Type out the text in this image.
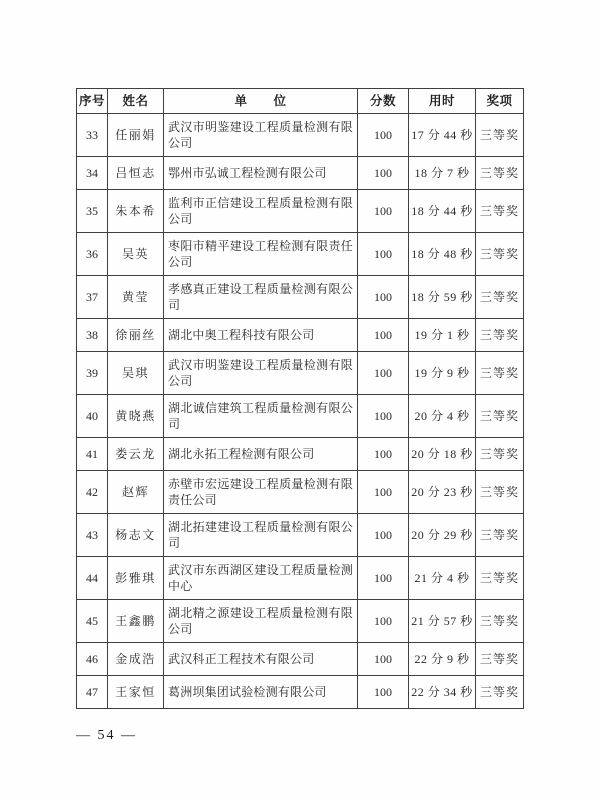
序号	姓名	单　　位	分数	用时	奖项
33	任丽娟	武汉市明鉴建设工程质量检测有限公司	100	17 分 44 秒	三等奖
34	吕恒志	鄂州市弘诚工程检测有限公司	100	18 分 7 秒	三等奖
35	朱本希	监利市正信建设工程质量检测有限公司	100	18 分 44 秒	三等奖
36	吴英	枣阳市精平建设工程检测有限责任公司	100	18 分 48 秒	三等奖
37	黄莹	孝感真正建设工程质量检测有限公司	100	18 分 59 秒	三等奖
38	徐丽丝	湖北中奥工程科技有限公司	100	19 分 1 秒	三等奖
39	吴琪	武汉市明鉴建设工程质量检测有限公司	100	19 分 9 秒	三等奖
40	黄晓燕	湖北诚信建筑工程质量检测有限公司	100	20 分 4 秒	三等奖
41	娄云龙	湖北永拓工程检测有限公司	100	20 分 18 秒	三等奖
42	赵辉	赤壁市宏远建设工程质量检测有限责任公司	100	20 分 23 秒	三等奖
43	杨志文	湖北拓建建设工程质量检测有限公司	100	20 分 29 秒	三等奖
44	彭雅琪	武汉市东西湖区建设工程质量检测中心	100	21 分 4 秒	三等奖
45	王鑫鹏	湖北精之源建设工程质量检测有限公司	100	21 分 57 秒	三等奖
46	金成浩	武汉科正工程技术有限公司	100	22 分 9 秒	三等奖
47	王家恒	葛洲坝集团试验检测有限公司	100	22 分 34 秒	三等奖
— 54 —
